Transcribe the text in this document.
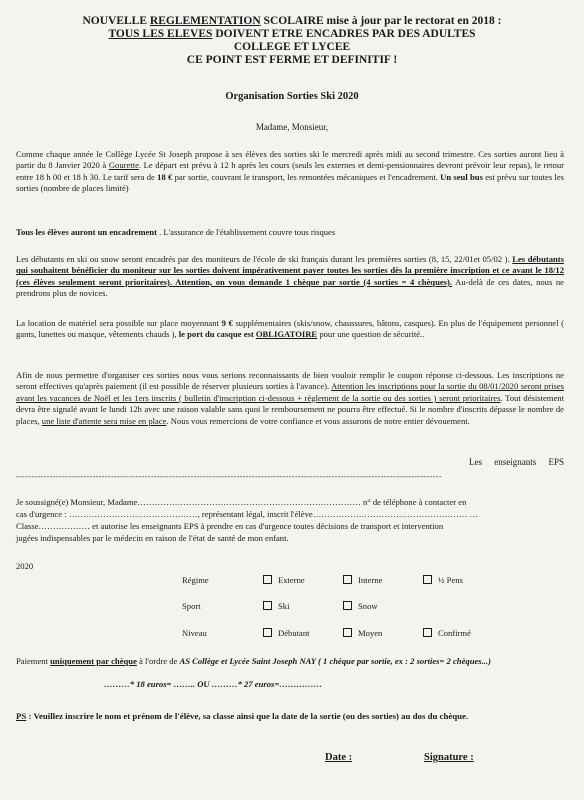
NOUVELLE REGLEMENTATION SCOLAIRE mise à jour par le rectorat en 2018 :
TOUS LES ELEVES DOIVENT ETRE ENCADRES PAR DES ADULTES
COLLEGE ET LYCEE
CE POINT EST FERME ET DEFINITIF !
Organisation Sorties Ski 2020
Madame, Monsieur,
Comme chaque année le Collège Lycée St Joseph propose à ses élèves des sorties ski le mercredi après midi au second trimestre. Ces sorties auront lieu à partir du 8 Janvier 2020 à Gourette. Le départ est prévu à 12 h après les cours (seuls les externes et demi-pensionnaires devront prévoir leur repas), le retour entre 18 h 00 et 18 h 30. Le tarif sera de 18 € par sortie, couvrant le transport, les remontées mécaniques et l'encadrement. Un seul bus est prévu sur toutes les sorties (nombre de places limité)
Tous les élèves auront un encadrement . L'assurance de l'établissement couvre tous risques
Les débutants en ski ou snow seront encadrés par des moniteurs de l'école de ski français durant les premières sorties (8, 15, 22/01et 05/02 ). Les débutants qui souhaitent bénéficier du moniteur sur les sorties doivent impérativement payer toutes les sorties dès la première inscription et ce avant le 18/12 (ces élèves seulement seront prioritaires). Attention, on vous demande 1 chèque par sortie (4 sorties = 4 chèques). Au-delà de ces dates, nous ne prendrons plus de novices.
La location de matériel sera possible sur place moyennant 9 € supplémentaires (skis/snow, chaussures, bâtons, casques). En plus de l'équipement personnel ( gants, lunettes ou masque, vêtements chauds ), le port du casque est OBLIGATOIRE pour une question de sécurité..
Afin de nous permettre d'organiser ces sorties nous vous serions reconnaissants de bien vouloir remplir le coupon réponse ci-dessous. Les inscriptions ne seront effectives qu'après paiement (il est possible de réserver plusieurs sorties à l'avance). Attention les inscriptions pour la sortie du 08/01/2020 seront prises avant les vacances de Noël et les 1ers inscrits ( bulletin d'inscription ci-dessous + règlement de la sortie ou des sorties ) seront prioritaires. Tout désistement devra être signalé avant le lundi 12h avec une raison valable sans quoi le remboursement ne pourra être effectué. Si le nombre d'inscrits dépasse le nombre de places, une liste d'attente sera mise en place. Nous vous remercions de votre confiance et vous assurons de notre entier dévouement.
Les enseignants EPS
-------------------------------------------------------------------------------------------------------------------------------------------
Je soussigné(e) Monsieur, Madame…………………………………………………………………… n° de téléphone à contacter en
cas d'urgence : ………………………………………, représentant légal, inscrit l'élève……………………………………………… …
Classe……………… et autorise les enseignants EPS à prendre en cas d'urgence toutes décisions de transport et intervention
jugées indispensables par le médecin en raison de l'état de santé de mon enfant.
2020
Régime	Externe	Interne	½ Pens
Sport	Ski	Snow
Niveau	Débutant	Moyen	Confirmé
Paiement uniquement par chèque à l'ordre de AS Collège et Lycée Saint Joseph NAY ( 1 chèque par sortie, ex : 2 sorties= 2 chèques...)
………* 18 euros= …….. OU ………* 27 euros=……………
PS : Veuillez inscrire le nom et prénom de l'élève, sa classe ainsi que la date de la sortie (ou des sorties) au dos du chèque.
Date :	Signature :
